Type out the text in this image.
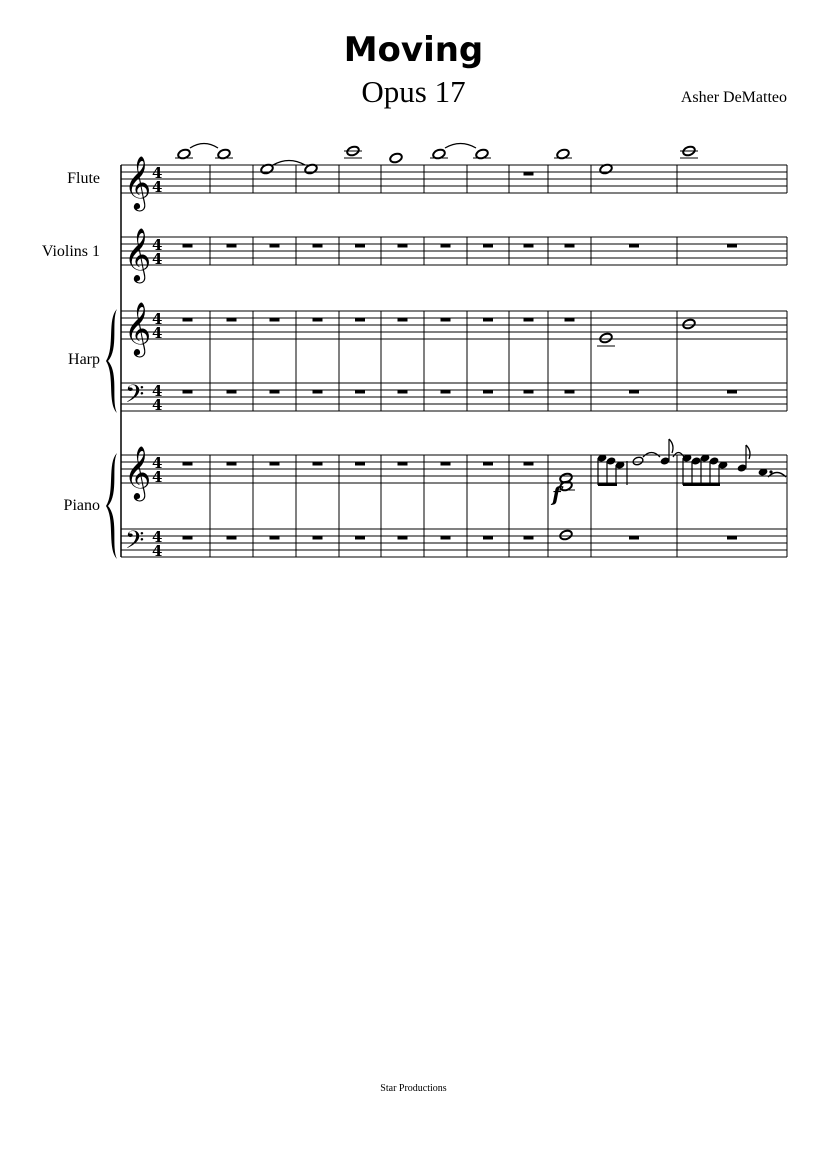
Moving
Opus 17	Asher DeMatteo
Flute
Violins 1
Harp
Piano
𝄞 4
4
𝄞 4
4
𝄞 4
4
𝄢 4
4
𝄞 4
4
𝄢 4
4
f
Star Productions
